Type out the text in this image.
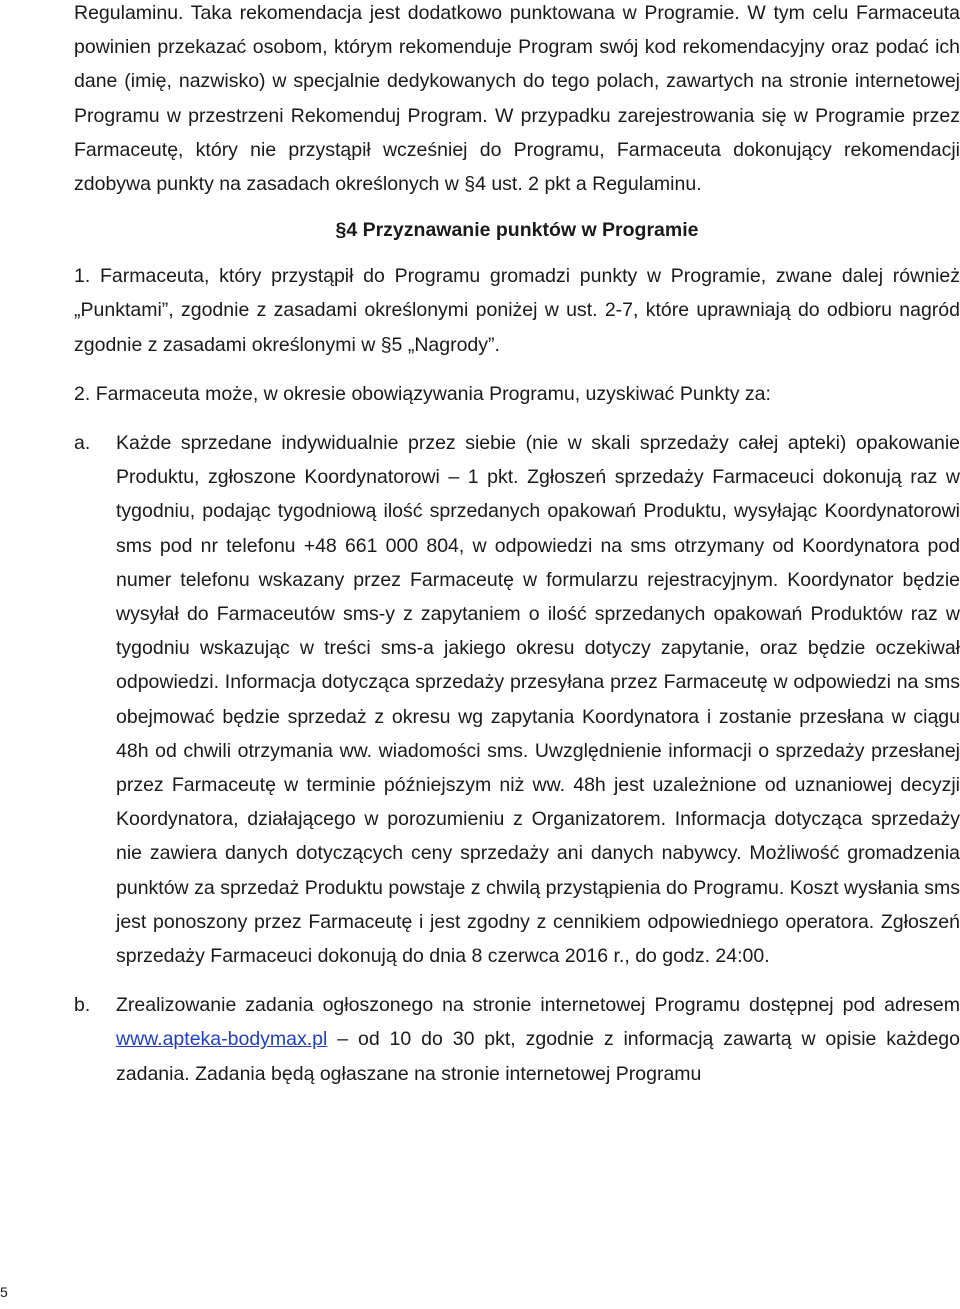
Regulaminu. Taka rekomendacja jest dodatkowo punktowana w Programie. W tym celu Farmaceuta powinien przekazać osobom, którym rekomenduje Program swój kod rekomendacyjny oraz podać ich dane (imię, nazwisko) w specjalnie dedykowanych do tego polach, zawartych na stronie internetowej Programu w przestrzeni Rekomenduj Program. W przypadku zarejestrowania się w Programie przez Farmaceutę, który nie przystąpił wcześniej do Programu, Farmaceuta dokonujący rekomendacji zdobywa punkty na zasadach określonych w §4 ust. 2 pkt a Regulaminu.

§4 Przyznawanie punktów w Programie

1. Farmaceuta, który przystąpił do Programu gromadzi punkty w Programie, zwane dalej również „Punktami”, zgodnie z zasadami określonymi poniżej w ust. 2-7, które uprawniają do odbioru nagród zgodnie z zasadami określonymi w §5 „Nagrody”.

2. Farmaceuta może, w okresie obowiązywania Programu, uzyskiwać Punkty za:

a.	Każde sprzedane indywidualnie przez siebie (nie w skali sprzedaży całej apteki) opakowanie Produktu, zgłoszone Koordynatorowi – 1 pkt. Zgłoszeń sprzedaży Farmaceuci dokonują raz w tygodniu, podając tygodniową ilość sprzedanych opakowań Produktu, wysyłając Koordynatorowi sms pod nr telefonu +48 661 000 804, w odpowiedzi na sms otrzymany od Koordynatora pod numer telefonu wskazany przez Farmaceutę w formularzu rejestracyjnym. Koordynator będzie wysyłał do Farmaceutów sms-y z zapytaniem o ilość sprzedanych opakowań Produktów raz w tygodniu wskazując w treści sms-a jakiego okresu dotyczy zapytanie, oraz będzie oczekiwał odpowiedzi. Informacja dotycząca sprzedaży przesyłana przez Farmaceutę w odpowiedzi na sms obejmować będzie sprzedaż z okresu wg zapytania Koordynatora i zostanie przesłana w ciągu 48h od chwili otrzymania ww. wiadomości sms. Uwzględnienie informacji o sprzedaży przesłanej przez Farmaceutę w terminie późniejszym niż ww. 48h jest uzależnione od uznaniowej decyzji Koordynatora, działającego w porozumieniu z Organizatorem. Informacja dotycząca sprzedaży nie zawiera danych dotyczących ceny sprzedaży ani danych nabywcy. Możliwość gromadzenia punktów za sprzedaż Produktu powstaje z chwilą przystąpienia do Programu. Koszt wysłania sms jest ponoszony przez Farmaceutę i jest zgodny z cennikiem odpowiedniego operatora. Zgłoszeń sprzedaży Farmaceuci dokonują do dnia 8 czerwca 2016 r., do godz. 24:00.

b.	Zrealizowanie zadania ogłoszonego na stronie internetowej Programu dostępnej pod adresem www.apteka-bodymax.pl – od 10 do 30 pkt, zgodnie z informacją zawartą w opisie każdego zadania. Zadania będą ogłaszane na stronie internetowej Programu

5
